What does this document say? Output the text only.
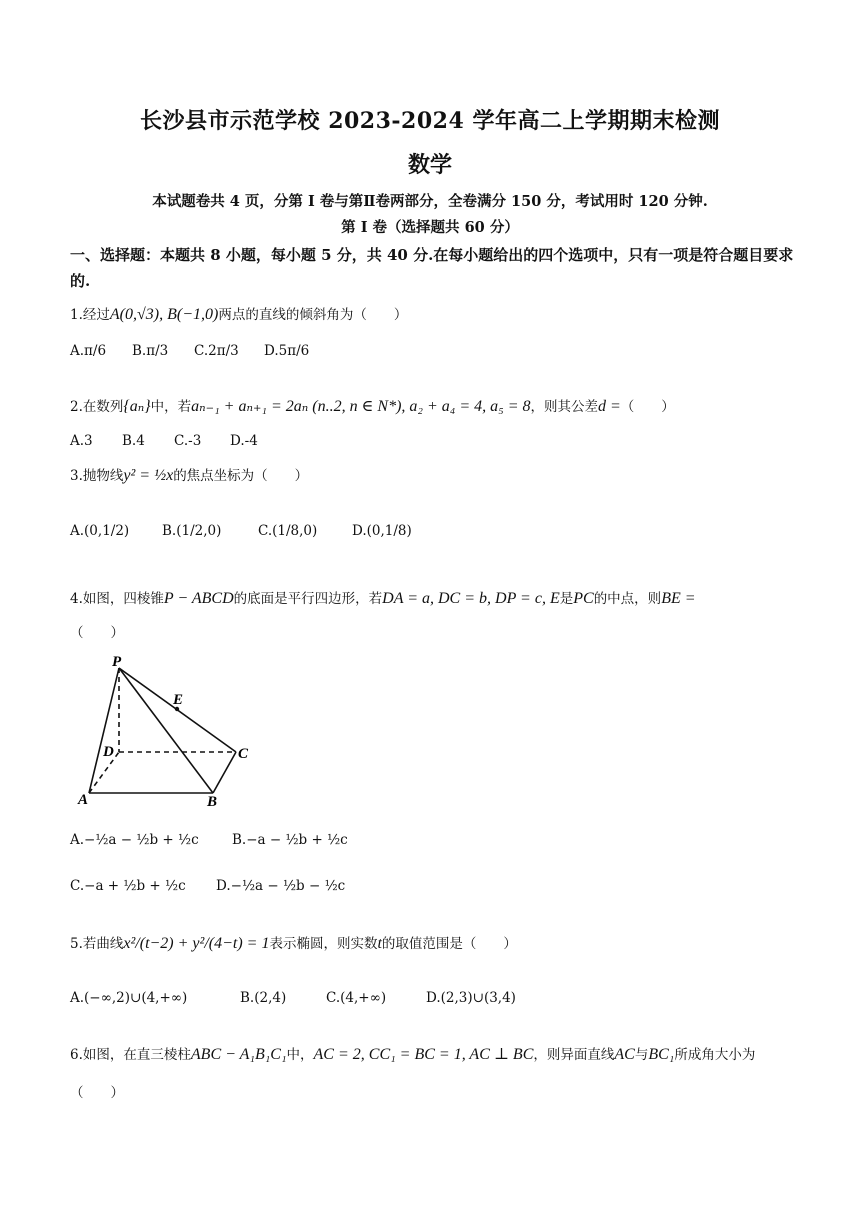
长沙县市示范学校 2023-2024 学年高二上学期期末检测
数学
本试题卷共 4 页，分第 I 卷与第Ⅱ卷两部分，全卷满分 150 分，考试用时 120 分钟.
第 I 卷（选择题共 60 分）
一、选择题：本题共 8 小题，每小题 5 分，共 40 分.在每小题给出的四个选项中，只有一项是符合题目要求的.
1.经过A(0,√3), B(−1,0)两点的直线的倾斜角为（　　）
A.π/6 B.π/3 C.2π/3 D.5π/6
2.在数列{aₙ}中，若aₙ₋₁ + aₙ₊₁ = 2aₙ (n..2, n ∈ N*), a₂ + a₄ = 4, a₅ = 8，则其公差d =（　　）
A.3 B.4 C.-3 D.-4
3.抛物线y² = ½x的焦点坐标为（　　）
A.(0,1/2) B.(1/2,0)	C.(1/8,0)	D.(0,1/8)
4.如图，四棱锥P − ABCD的底面是平行四边形，若DA = a, DC = b, DP = c, E是PC的中点，则BE =
（　　）
P
E
D	C
A	B
A.−½a − ½b + ½c B.−a − ½b + ½c
C.−a + ½b + ½c D.−½a − ½b − ½c
5.若曲线x²/(t−2) + y²/(4−t) = 1表示椭圆，则实数t的取值范围是（　　）
A.(−∞,2)∪(4,+∞)	B.(2,4)	C.(4,+∞)	D.(2,3)∪(3,4)
6.如图，在直三棱柱ABC − A₁B₁C₁中，AC = 2, CC₁ = BC = 1, AC ⊥ BC，则异面直线AC与BC₁所成角大小为（　　）
